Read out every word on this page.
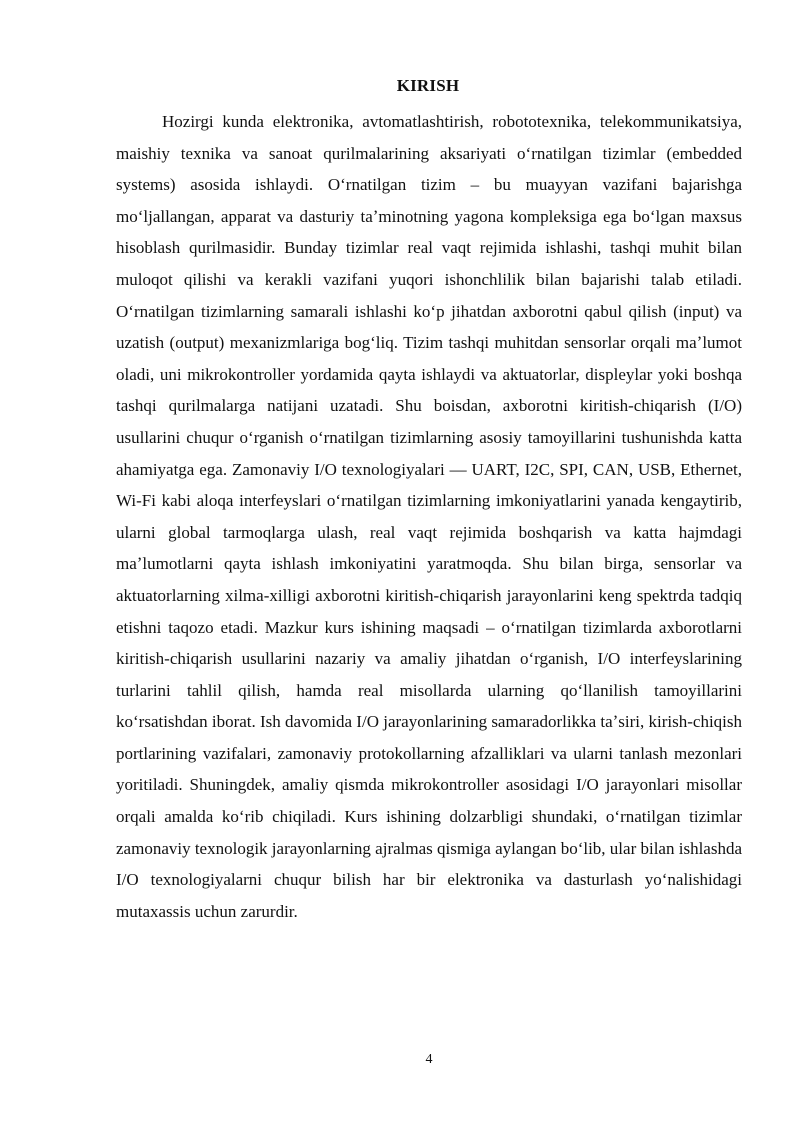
KIRISH

Hozirgi kunda elektronika, avtomatlashtirish, robototexnika, telekommunikatsiya, maishiy texnika va sanoat qurilmalarining aksariyati oʻrnatilgan tizimlar (embedded systems) asosida ishlaydi. Oʻrnatilgan tizim – bu muayyan vazifani bajarishga moʻljallangan, apparat va dasturiy taʼminotning yagona kompleksiga ega boʻlgan maxsus hisoblash qurilmasidir. Bunday tizimlar real vaqt rejimida ishlashi, tashqi muhit bilan muloqot qilishi va kerakli vazifani yuqori ishonchlilik bilan bajarishi talab etiladi. Oʻrnatilgan tizimlarning samarali ishlashi koʻp jihatdan axborotni qabul qilish (input) va uzatish (output) mexanizmlariga bogʻliq. Tizim tashqi muhitdan sensorlar orqali maʼlumot oladi, uni mikrokontroller yordamida qayta ishlaydi va aktuatorlar, displeylar yoki boshqa tashqi qurilmalarga natijani uzatadi. Shu boisdan, axborotni kiritish-chiqarish (I/O) usullarini chuqur oʻrganish oʻrnatilgan tizimlarning asosiy tamoyillarini tushunishda katta ahamiyatga ega. Zamonaviy I/O texnologiyalari — UART, I2C, SPI, CAN, USB, Ethernet, Wi-Fi kabi aloqa interfeyslari oʻrnatilgan tizimlarning imkoniyatlarini yanada kengaytirib, ularni global tarmoqlarga ulash, real vaqt rejimida boshqarish va katta hajmdagi maʼlumotlarni qayta ishlash imkoniyatini yaratmoqda. Shu bilan birga, sensorlar va aktuatorlarning xilma-xilligi axborotni kiritish-chiqarish jarayonlarini keng spektrda tadqiq etishni taqozo etadi. Mazkur kurs ishining maqsadi – oʻrnatilgan tizimlarda axborotlarni kiritish-chiqarish usullarini nazariy va amaliy jihatdan oʻrganish, I/O interfeyslarining turlarini tahlil qilish, hamda real misollarda ularning qoʻllanilish tamoyillarini koʻrsatishdan iborat. Ish davomida I/O jarayonlarining samaradorlikka taʼsiri, kirish-chiqish portlarining vazifalari, zamonaviy protokollarning afzalliklari va ularni tanlash mezonlari yoritiladi. Shuningdek, amaliy qismda mikrokontroller asosidagi I/O jarayonlari misollar orqali amalda koʻrib chiqiladi. Kurs ishining dolzarbligi shundaki, oʻrnatilgan tizimlar zamonaviy texnologik jarayonlarning ajralmas qismiga aylangan boʻlib, ular bilan ishlashda I/O texnologiyalarni chuqur bilish har bir elektronika va dasturlash yoʻnalishidagi mutaxassis uchun zarurdir.

4
